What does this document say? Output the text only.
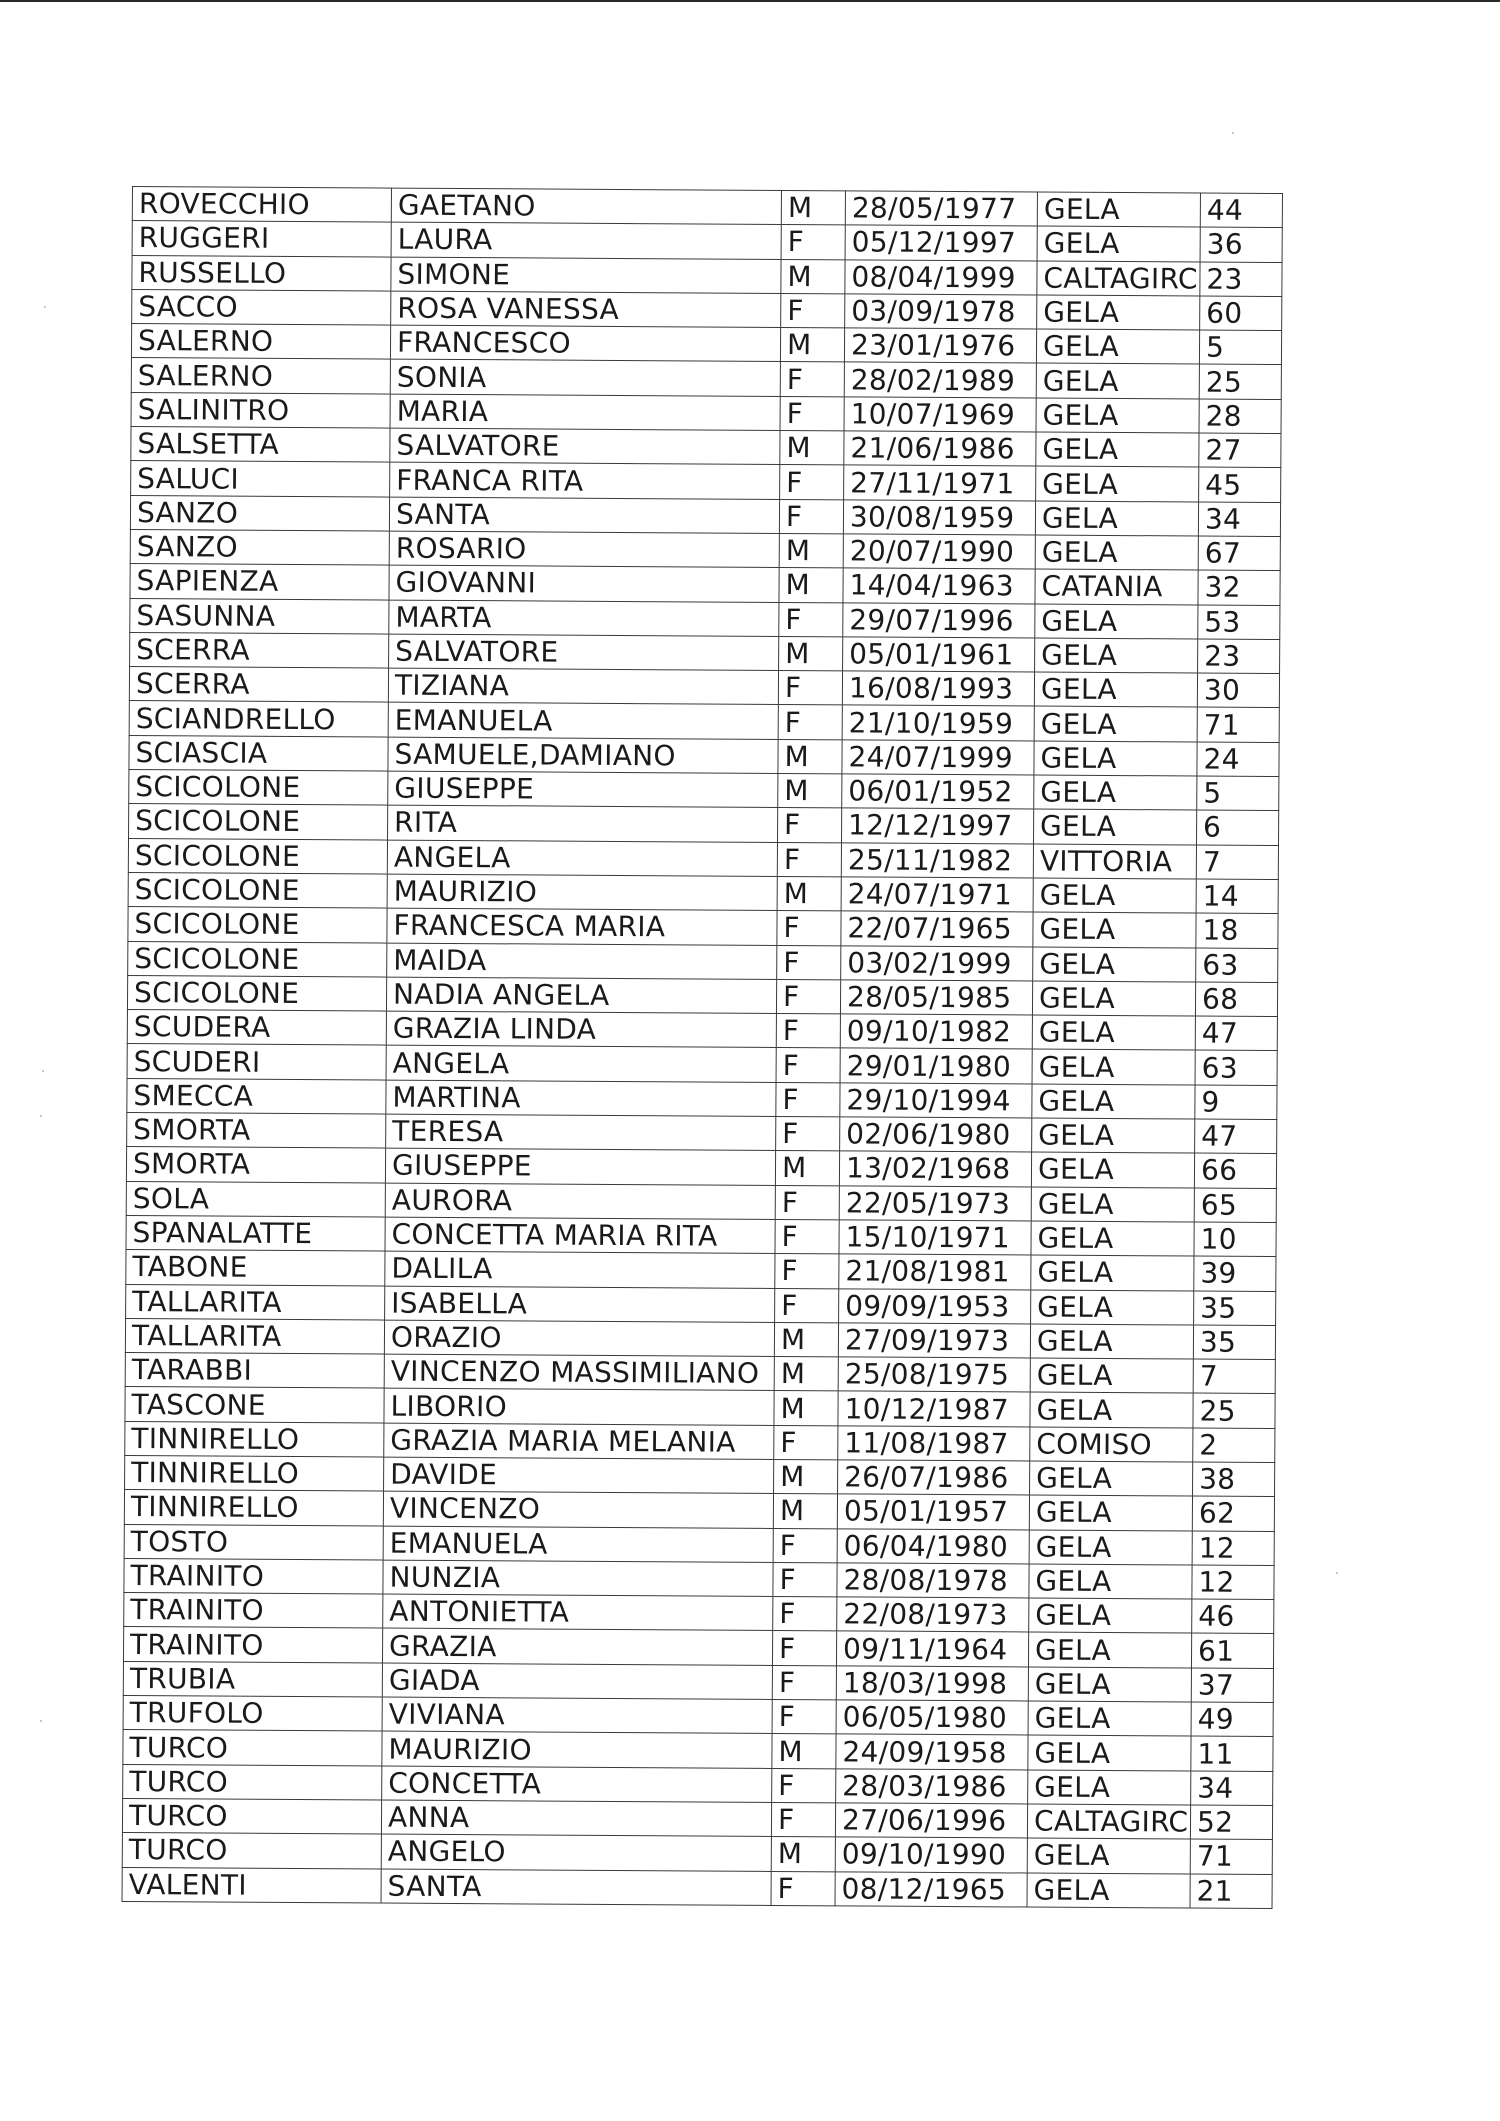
ROVECCHIO	GAETANO	M	28/05/1977	GELA	44
RUGGERI	LAURA	F	05/12/1997	GELA	36
RUSSELLO	SIMONE	M	08/04/1999	CALTAGIRC	23
SACCO	ROSA VANESSA	F	03/09/1978	GELA	60
SALERNO	FRANCESCO	M	23/01/1976	GELA	5
SALERNO	SONIA	F	28/02/1989	GELA	25
SALINITRO	MARIA	F	10/07/1969	GELA	28
SALSETTA	SALVATORE	M	21/06/1986	GELA	27
SALUCI	FRANCA RITA	F	27/11/1971	GELA	45
SANZO	SANTA	F	30/08/1959	GELA	34
SANZO	ROSARIO	M	20/07/1990	GELA	67
SAPIENZA	GIOVANNI	M	14/04/1963	CATANIA	32
SASUNNA	MARTA	F	29/07/1996	GELA	53
SCERRA	SALVATORE	M	05/01/1961	GELA	23
SCERRA	TIZIANA	F	16/08/1993	GELA	30
SCIANDRELLO	EMANUELA	F	21/10/1959	GELA	71
SCIASCIA	SAMUELE,DAMIANO	M	24/07/1999	GELA	24
SCICOLONE	GIUSEPPE	M	06/01/1952	GELA	5
SCICOLONE	RITA	F	12/12/1997	GELA	6
SCICOLONE	ANGELA	F	25/11/1982	VITTORIA	7
SCICOLONE	MAURIZIO	M	24/07/1971	GELA	14
SCICOLONE	FRANCESCA MARIA	F	22/07/1965	GELA	18
SCICOLONE	MAIDA	F	03/02/1999	GELA	63
SCICOLONE	NADIA ANGELA	F	28/05/1985	GELA	68
SCUDERA	GRAZIA LINDA	F	09/10/1982	GELA	47
SCUDERI	ANGELA	F	29/01/1980	GELA	63
SMECCA	MARTINA	F	29/10/1994	GELA	9
SMORTA	TERESA	F	02/06/1980	GELA	47
SMORTA	GIUSEPPE	M	13/02/1968	GELA	66
SOLA	AURORA	F	22/05/1973	GELA	65
SPANALATTE	CONCETTA MARIA RITA	F	15/10/1971	GELA	10
TABONE	DALILA	F	21/08/1981	GELA	39
TALLARITA	ISABELLA	F	09/09/1953	GELA	35
TALLARITA	ORAZIO	M	27/09/1973	GELA	35
TARABBI	VINCENZO MASSIMILIANO	M	25/08/1975	GELA	7
TASCONE	LIBORIO	M	10/12/1987	GELA	25
TINNIRELLO	GRAZIA MARIA MELANIA	F	11/08/1987	COMISO	2
TINNIRELLO	DAVIDE	M	26/07/1986	GELA	38
TINNIRELLO	VINCENZO	M	05/01/1957	GELA	62
TOSTO	EMANUELA	F	06/04/1980	GELA	12
TRAINITO	NUNZIA	F	28/08/1978	GELA	12
TRAINITO	ANTONIETTA	F	22/08/1973	GELA	46
TRAINITO	GRAZIA	F	09/11/1964	GELA	61
TRUBIA	GIADA	F	18/03/1998	GELA	37
TRUFOLO	VIVIANA	F	06/05/1980	GELA	49
TURCO	MAURIZIO	M	24/09/1958	GELA	11
TURCO	CONCETTA	F	28/03/1986	GELA	34
TURCO	ANNA	F	27/06/1996	CALTAGIRC	52
TURCO	ANGELO	M	09/10/1990	GELA	71
VALENTI	SANTA	F	08/12/1965	GELA	21
